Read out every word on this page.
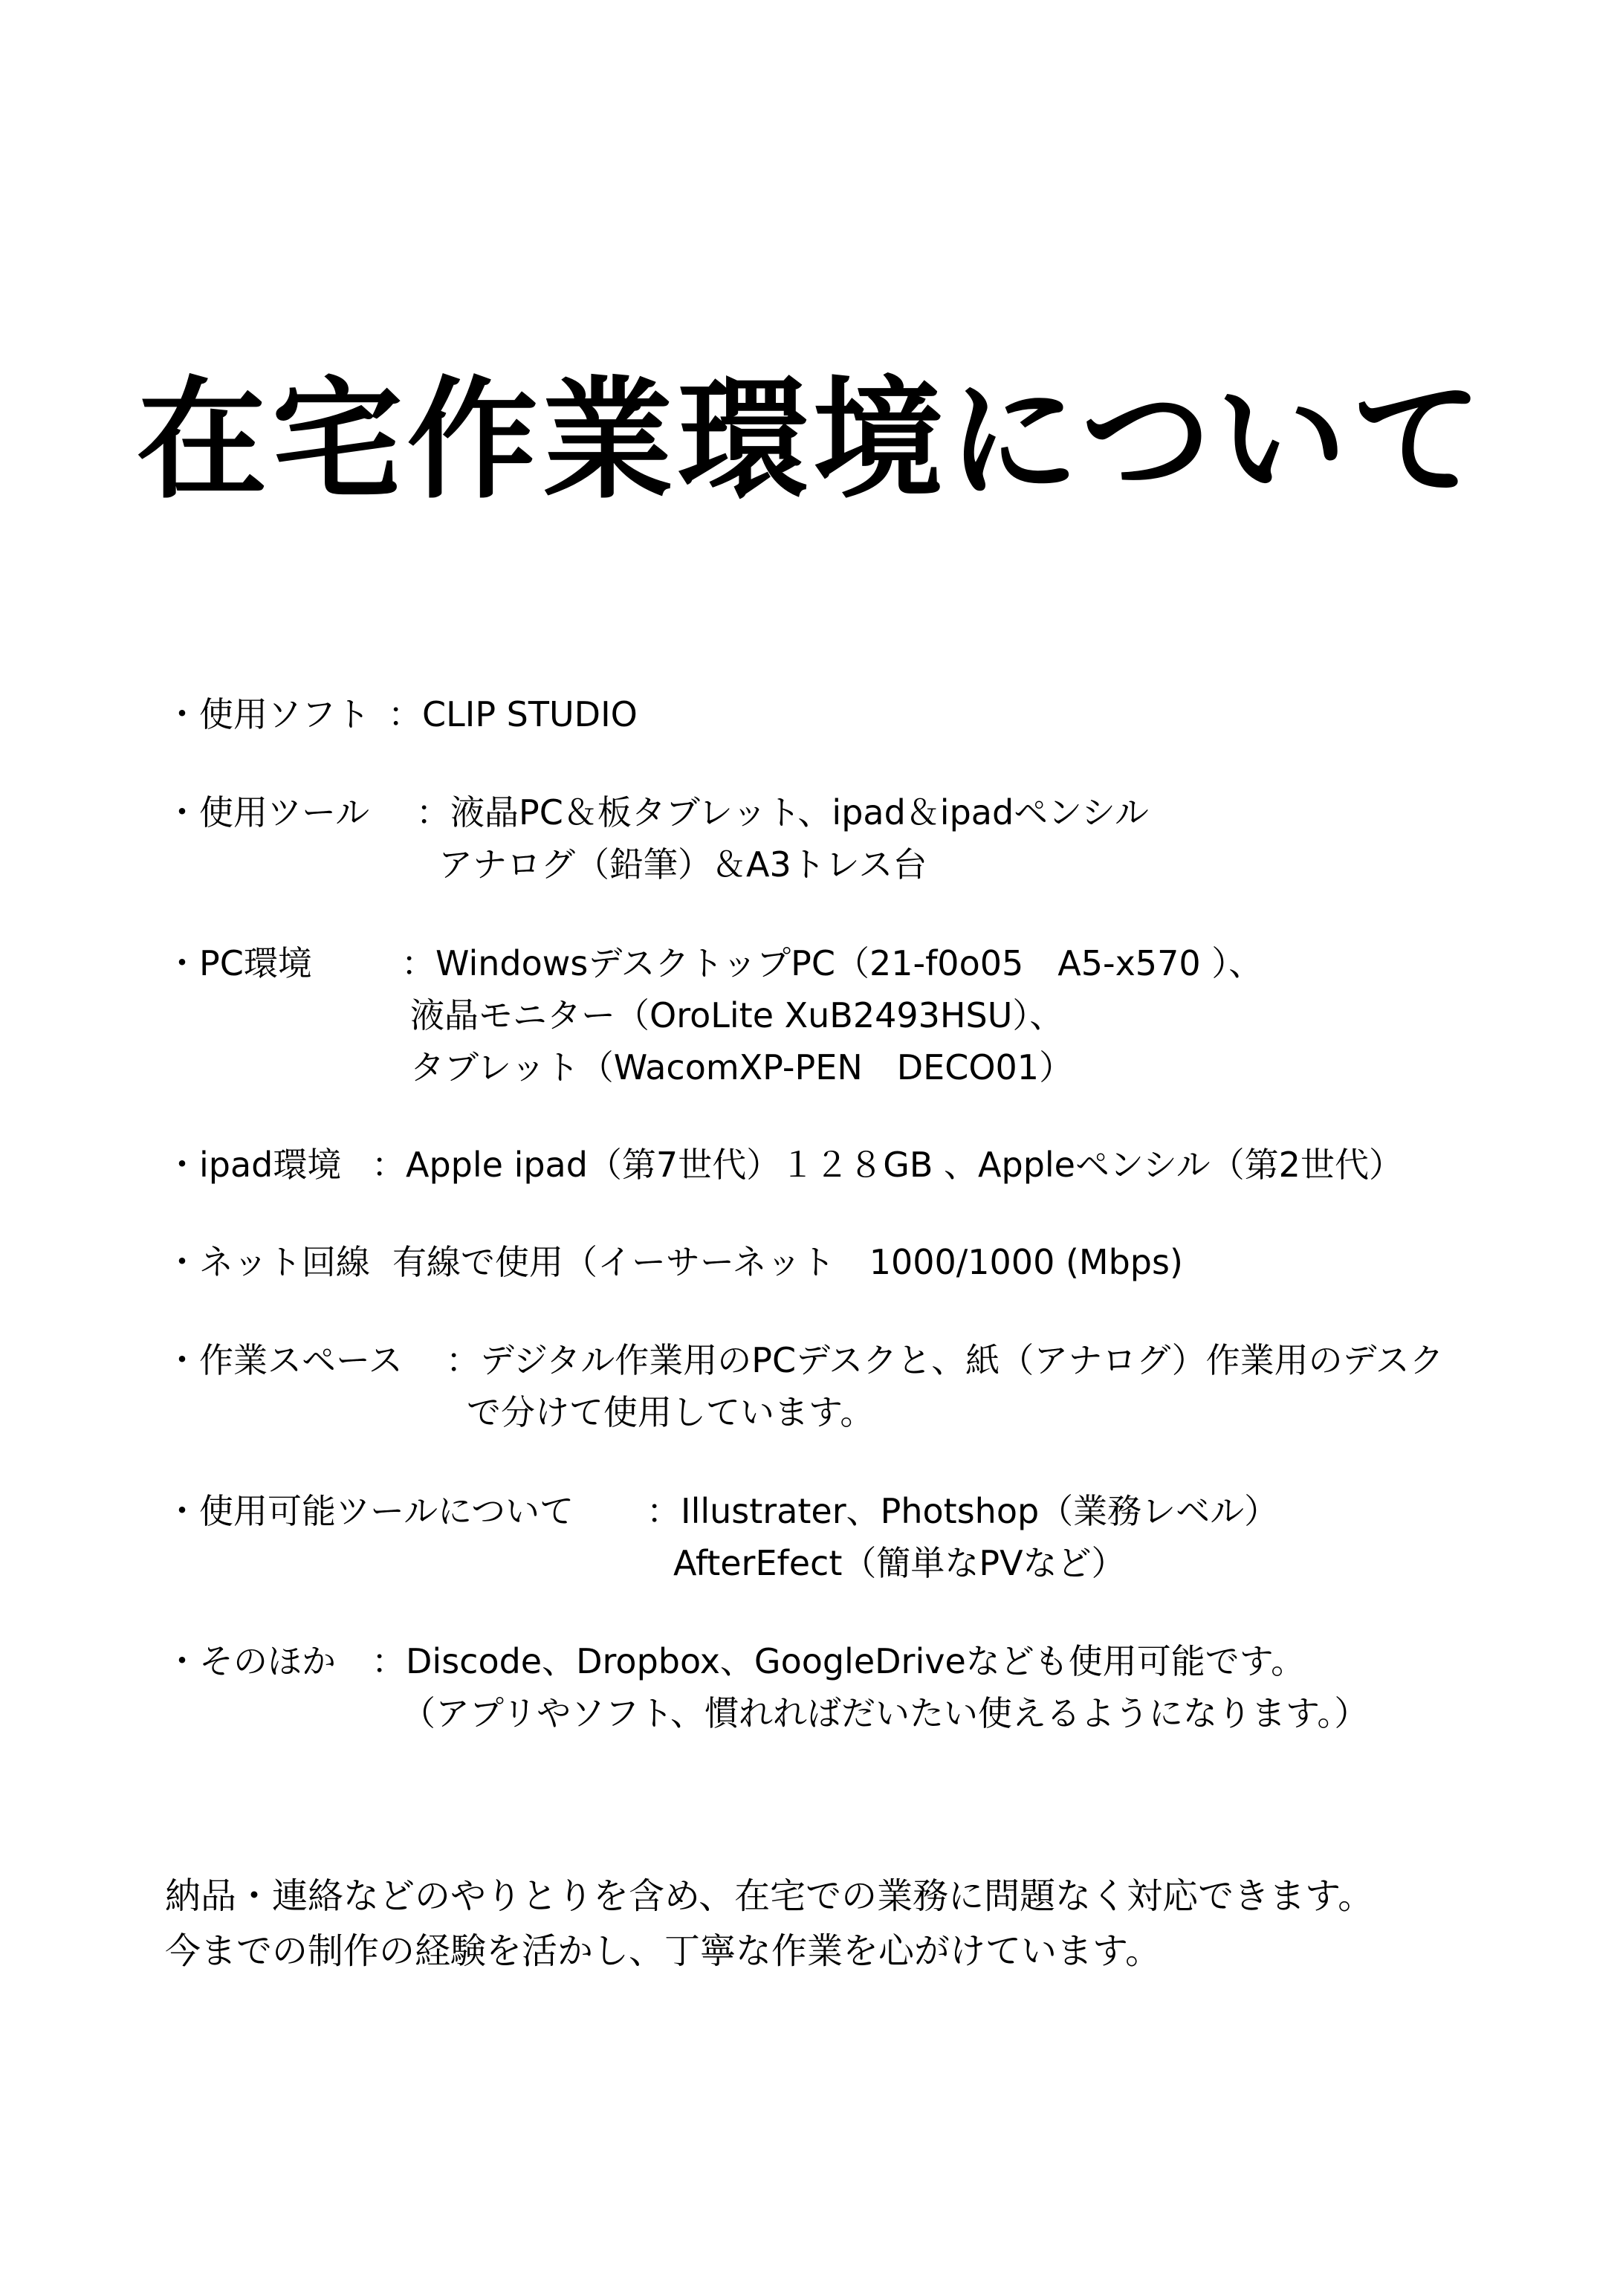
在宅作業環境について
・使用ソフト ：CLIP STUDIO
・使用ツール ：液晶PC＆板タブレット、ipad＆ipadペンシル
アナログ（鉛筆）＆A3トレス台
・PC環境	：WindowsデスクトップPC（21-f0o05　A5-x570 ）、
液晶モニター（OroLite XuB2493HSU）、
タブレット（WacomXP-PEN　DECO01）
・ipad環境 ：Apple ipad（第7世代）１２８GB 、Appleペンシル（第2世代）
・ネット回線 有線で使用（イーサーネット　1000/1000 (Mbps)
・作業スペース ：デジタル作業用のPCデスクと、紙（アナログ）作業用のデスク
で分けて使用しています。
・使用可能ツールについて ：Illustrater、Photshop（業務レベル）
AfterEfect（簡単なPVなど）
・そのほか ：Discode、Dropbox、GoogleDriveなども使用可能です。
（アプリやソフト、慣れればだいたい使えるようになります。）
納品・連絡などのやりとりを含め、在宅での業務に問題なく対応できます。
今までの制作の経験を活かし、丁寧な作業を心がけています。
